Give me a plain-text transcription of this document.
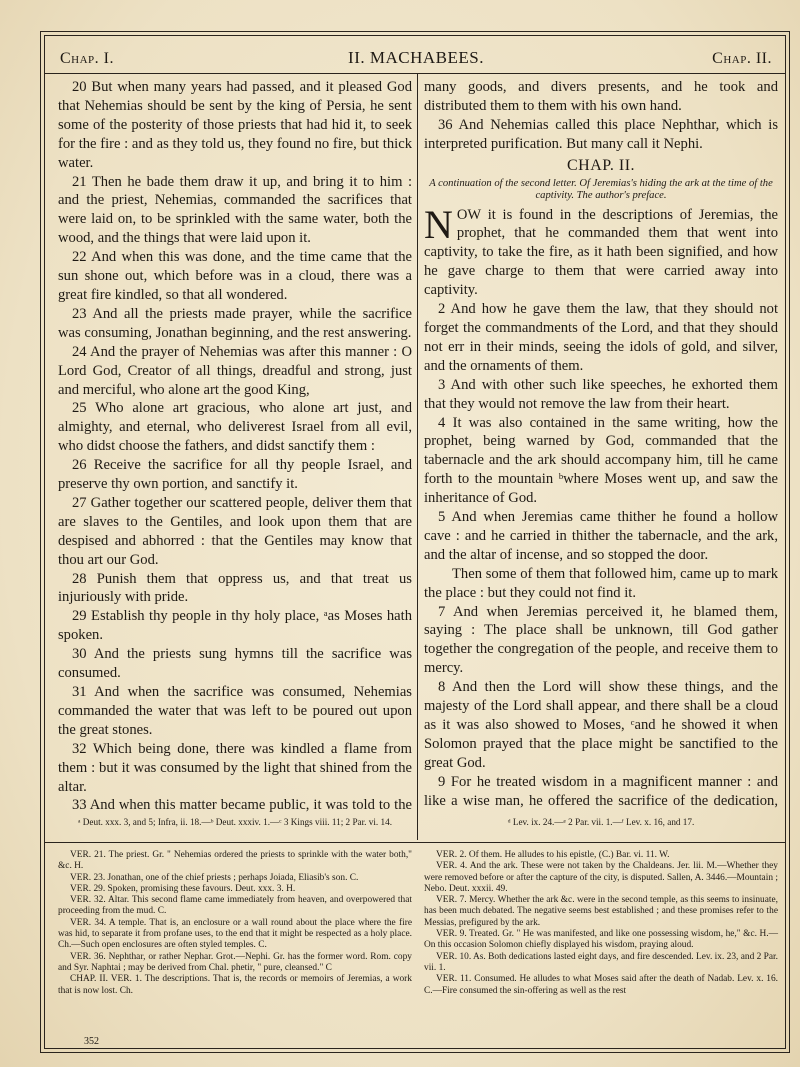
Chap. I.	II. MACHABEES.	Chap. II.

20 But when many years had passed, and it pleased God that Nehemias should be sent by the king of Persia, he sent some of the posterity of those priests that had hid it, to seek for the fire : and as they told us, they found no fire, but thick water.

21 Then he bade them draw it up, and bring it to him : and the priest, Nehemias, commanded the sacrifices that were laid on, to be sprinkled with the same water, both the wood, and the things that were laid upon it.

22 And when this was done, and the time came that the sun shone out, which before was in a cloud, there was a great fire kindled, so that all wondered.

23 And all the priests made prayer, while the sacrifice was consuming, Jonathan beginning, and the rest answering.

24 And the prayer of Nehemias was after this manner : O Lord God, Creator of all things, dreadful and strong, just and merciful, who alone art the good King,

25 Who alone art gracious, who alone art just, and almighty, and eternal, who deliverest Israel from all evil, who didst choose the fathers, and didst sanctify them :

26 Receive the sacrifice for all thy people Israel, and preserve thy own portion, and sanctify it.

27 Gather together our scattered people, deliver them that are slaves to the Gentiles, and look upon them that are despised and abhorred : that the Gentiles may know that thou art our God.

28 Punish them that oppress us, and that treat us injuriously with pride.

29 Establish thy people in thy holy place, ᵃas Moses hath spoken.

30 And the priests sung hymns till the sacrifice was consumed.

31 And when the sacrifice was consumed, Nehemias commanded the water that was left to be poured out upon the great stones.

32 Which being done, there was kindled a flame from them : but it was consumed by the light that shined from the altar.

33 And when this matter became public, it was told to the

many goods, and divers presents, and he took and distributed them to them with his own hand.

36 And Nehemias called this place Nephthar, which is interpreted purification. But many call it Nephi.

CHAP. II.
A continuation of the second letter. Of Jeremias's hiding the ark at the time of the captivity. The author's preface.

NOW it is found in the descriptions of Jeremias, the prophet, that he commanded them that went into captivity, to take the fire, as it hath been signified, and how he gave charge to them that were carried away into captivity.

2 And how he gave them the law, that they should not forget the commandments of the Lord, and that they should not err in their minds, seeing the idols of gold, and silver, and the ornaments of them.

3 And with other such like speeches, he exhorted them that they would not remove the law from their heart.

4 It was also contained in the same writing, how the prophet, being warned by God, commanded that the tabernacle and the ark should accompany him, till he came forth to the mountain ᵇwhere Moses went up, and saw the inheritance of God.

5 And when Jeremias came thither he found a hollow cave : and he carried in thither the tabernacle, and the ark, and the altar of incense, and so stopped the door.

Then some of them that followed him, came up to mark the place : but they could not find it.

7 And when Jeremias perceived it, he blamed them, saying : The place shall be unknown, till God gather together the congregation of the people, and receive them to mercy.

8 And then the Lord will show these things, and the majesty of the Lord shall appear, and there shall be a cloud as it was also showed to Moses, ᶜand he showed it when Solomon prayed that the place might be sanctified to the great God.

9 For he treated wisdom in a magnificent manner : and like a wise man, he offered the sacrifice of the dedication,

ᵃ Deut. xxx. 3, and 5; Infra, ii. 18.—ᵇ Deut. xxxiv. 1.—ᶜ 3 Kings viii. 11; 2 Par. vi. 14.	ᵈ Lev. ix. 24.—ᵉ 2 Par. vii. 1.—ᶠ Lev. x. 16, and 17.

VER. 21. The priest. Gr. " Nehemias ordered the priests to sprinkle with the water both," &c. H.

VER. 23. Jonathan, one of the chief priests ; perhaps Joiada, Eliasib's son. C.

VER. 29. Spoken, promising these favours. Deut. xxx. 3. H.

VER. 32. Altar. This second flame came immediately from heaven, and overpowered that proceeding from the mud. C.

VER. 34. A temple. That is, an enclosure or a wall round about the place where the fire was hid, to separate it from profane uses, to the end that it might be respected as a holy place. Ch.—Such open enclosures are often styled temples. C.

VER. 36. Nephthar, or rather Nephar. Grot.—Nephi. Gr. has the former word. Rom. copy and Syr. Naphtai ; may be derived from Chal. phetir, " pure, cleansed." C

CHAP. II. VER. 1. The descriptions. That is, the records or memoirs of Jeremias, a work that is now lost. Ch.

VER. 2. Of them. He alludes to his epistle, (C.) Bar. vi. 11. W.

VER. 4. And the ark. These were not taken by the Chaldeans. Jer. lii. M.—Whether they were removed before or after the capture of the city, is disputed. Sallen, A. 3446.—Mountain ; Nebo. Deut. xxxii. 49.

VER. 7. Mercy. Whether the ark &c. were in the second temple, as this seems to insinuate, has been much debated. The negative seems best established ; and these promises refer to the Messias, prefigured by the ark.

VER. 9. Treated. Gr. " He was manifested, and like one possessing wisdom, he," &c. H.—On this occasion Solomon chiefly displayed his wisdom, praying aloud.

VER. 10. As. Both dedications lasted eight days, and fire descended. Lev. ix. 23, and 2 Par. vii. 1.

VER. 11. Consumed. He alludes to what Moses said after the death of Nadab. Lev. x. 16. C.—Fire consumed the sin-offering as well as the rest

352
